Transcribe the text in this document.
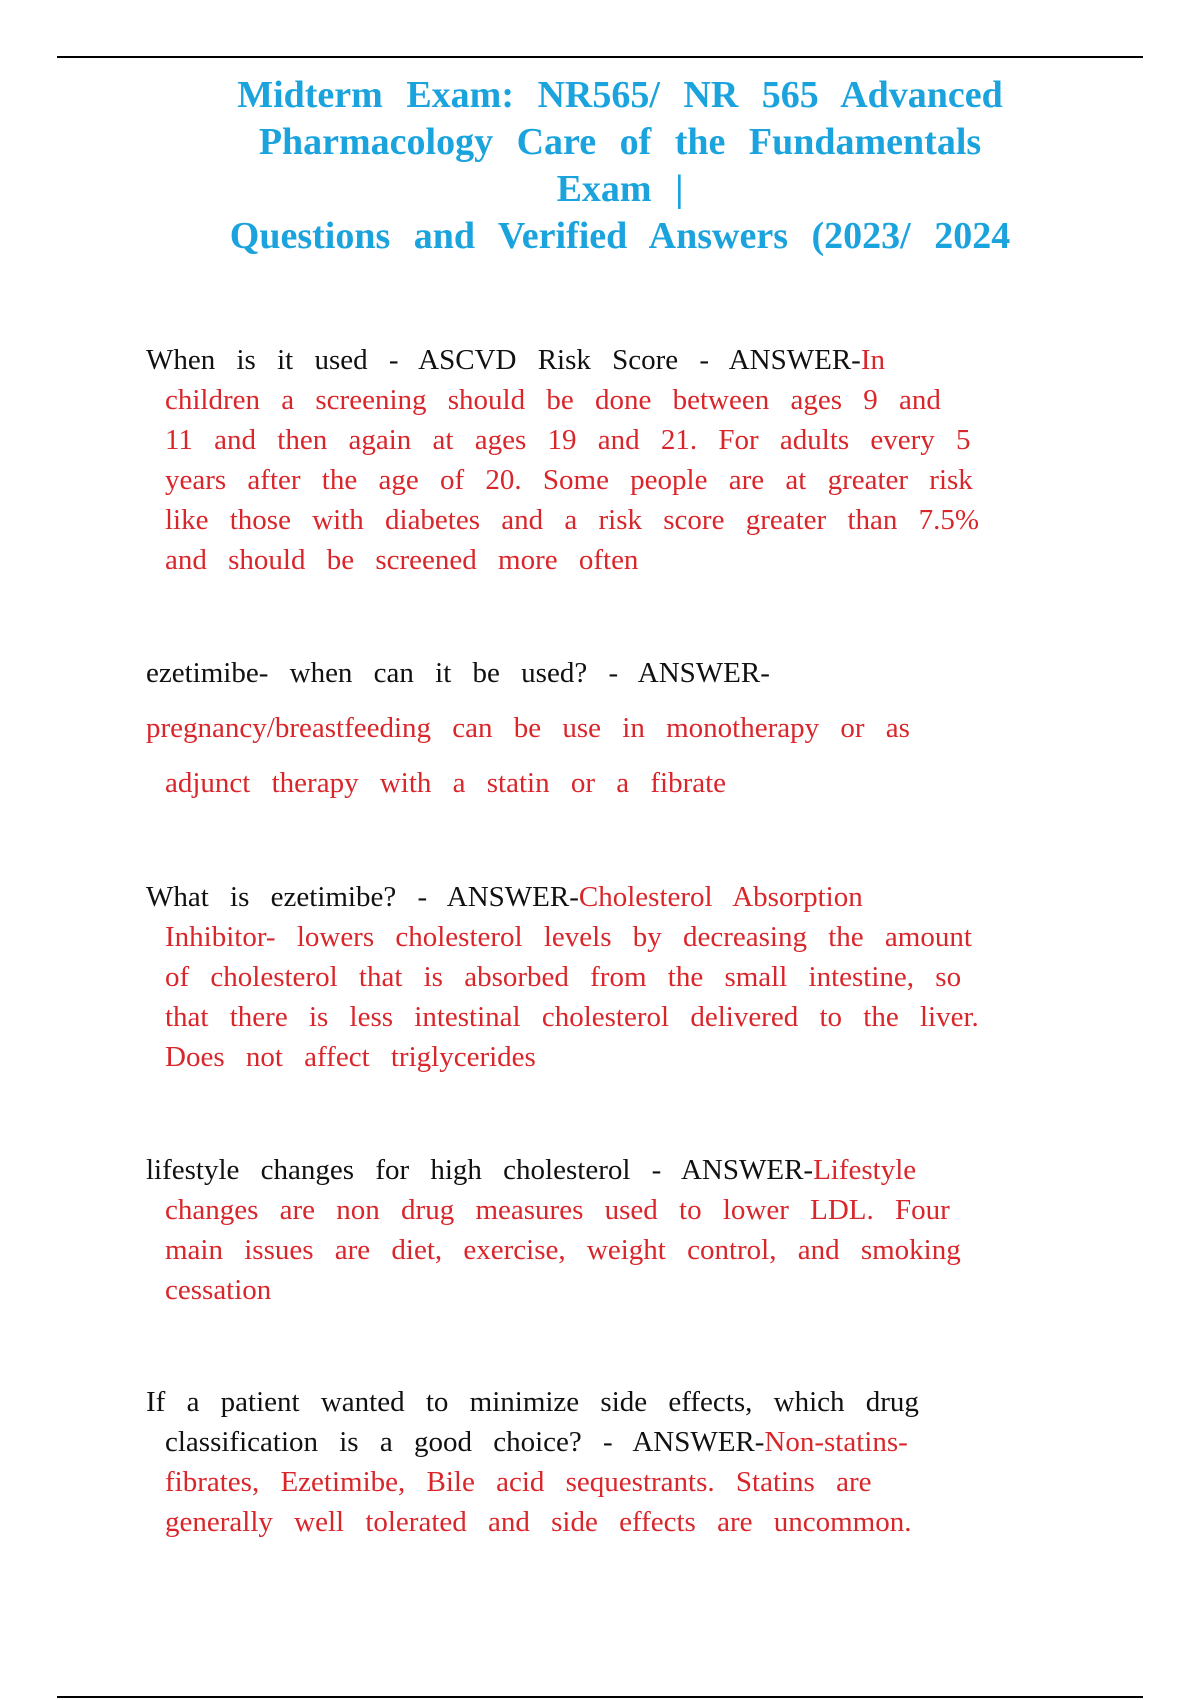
Midterm Exam: NR565/ NR 565 Advanced
Pharmacology Care of the Fundamentals
Exam |
Questions and Verified Answers (2023/ 2024
When is it used - ASCVD Risk Score - ANSWER-In
children a screening should be done between ages 9 and
11 and then again at ages 19 and 21. For adults every 5
years after the age of 20. Some people are at greater risk
like those with diabetes and a risk score greater than 7.5%
and should be screened more often
ezetimibe- when can it be used? - ANSWER-
pregnancy/breastfeeding can be use in monotherapy or as
adjunct therapy with a statin or a fibrate
What is ezetimibe? - ANSWER-Cholesterol Absorption
Inhibitor- lowers cholesterol levels by decreasing the amount
of cholesterol that is absorbed from the small intestine, so
that there is less intestinal cholesterol delivered to the liver.
Does not affect triglycerides
lifestyle changes for high cholesterol - ANSWER-Lifestyle
changes are non drug measures used to lower LDL. Four
main issues are diet, exercise, weight control, and smoking
cessation
If a patient wanted to minimize side effects, which drug
classification is a good choice? - ANSWER-Non-statins-
fibrates, Ezetimibe, Bile acid sequestrants. Statins are
generally well tolerated and side effects are uncommon.
